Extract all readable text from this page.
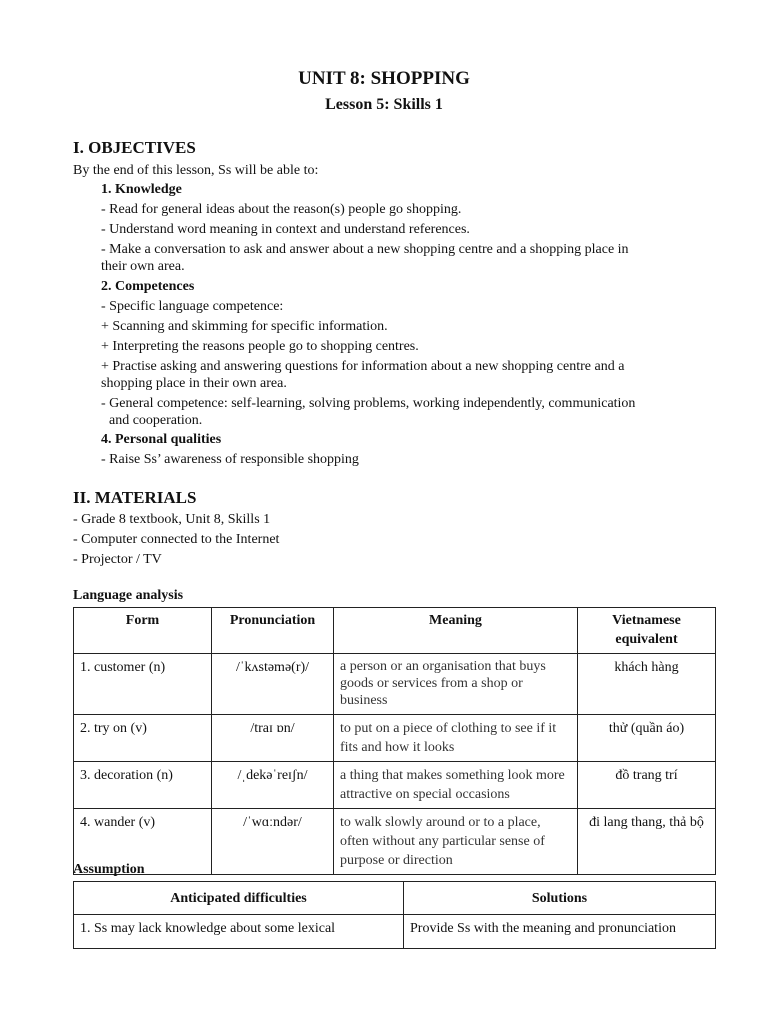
UNIT 8: SHOPPING
Lesson 5: Skills 1
I. OBJECTIVES
By the end of this lesson, Ss will be able to:
1. Knowledge
- Read for general ideas about the reason(s) people go shopping.
- Understand word meaning in context and understand references.
- Make a conversation to ask and answer about a new shopping centre and a shopping place in
their own area.
2. Competences
- Specific language competence:
+ Scanning and skimming for specific information.
+ Interpreting the reasons people go to shopping centres.
+ Practise asking and answering questions for information about a new shopping centre and a
shopping place in their own area.
- General competence: self-learning, solving problems, working independently, communication
and cooperation.
4. Personal qualities
- Raise Ss’ awareness of responsible shopping
II. MATERIALS
- Grade 8 textbook, Unit 8, Skills 1
- Computer connected to the Internet
- Projector / TV
Language analysis
Form	Pronunciation	Meaning	Vietnamese
equivalent
1. customer (n)	/ˈkʌstəmə(r)/	a person or an organisation that buys goods or services from a shop or business	khách hàng
2. try on (v)	/traɪ ɒn/	to put on a piece of clothing to see if it fits and how it looks	thử (quần áo)
3. decoration (n)	/ˌdekəˈreɪʃn/	a thing that makes something look more attractive on special occasions	đồ trang trí
4. wander (v)	/ˈwɑːndər/	to walk slowly around or to a place, often without any particular sense of purpose or direction	đi lang thang, thả bộ
Assumption
Anticipated difficulties	Solutions
1. Ss may lack knowledge about some lexical	Provide Ss with the meaning and pronunciation
